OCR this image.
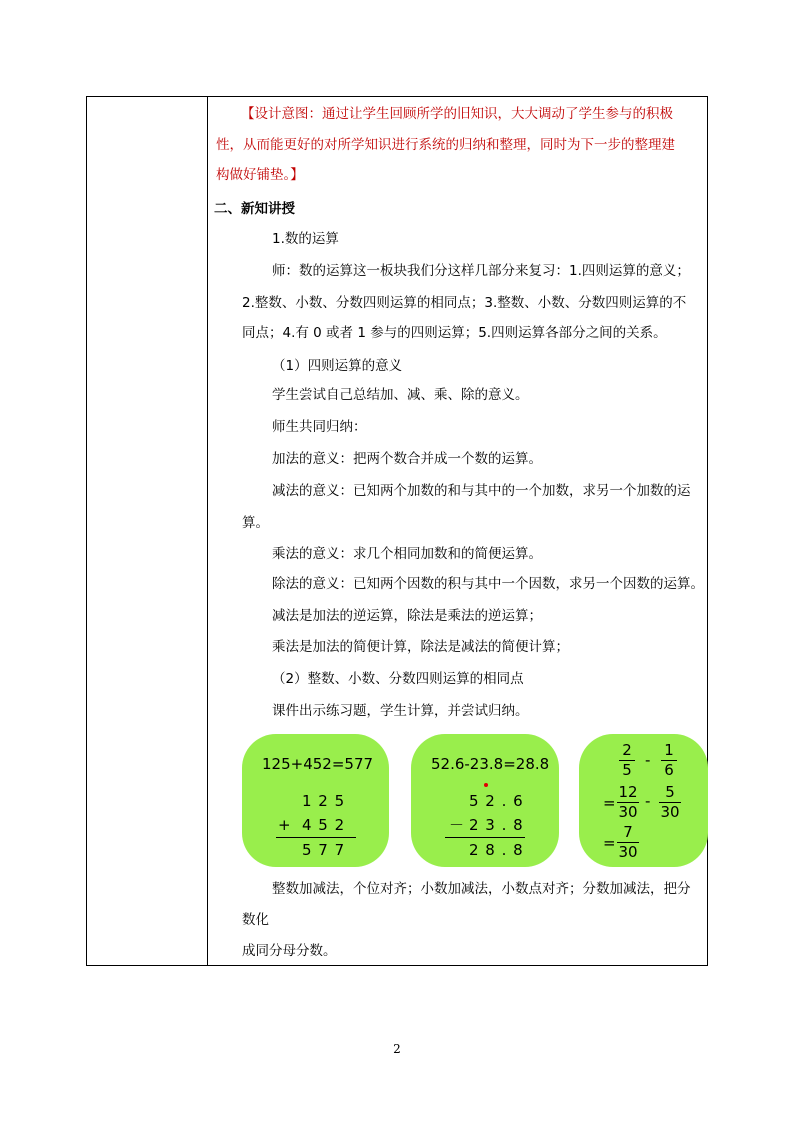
【设计意图：通过让学生回顾所学的旧知识，大大调动了学生参与的积极
性，从而能更好的对所学知识进行系统的归纳和整理，同时为下一步的整理建
构做好铺垫。】
二、新知讲授
1.数的运算
师：数的运算这一板块我们分这样几部分来复习：1.四则运算的意义；
2.整数、小数、分数四则运算的相同点；3.整数、小数、分数四则运算的不
同点；4.有 0 或者 1 参与的四则运算；5.四则运算各部分之间的关系。
（1）四则运算的意义
学生尝试自己总结加、减、乘、除的意义。
师生共同归纳：
加法的意义：把两个数合并成一个数的运算。
减法的意义：已知两个加数的和与其中的一个加数，求另一个加数的运
算。
乘法的意义：求几个相同加数和的简便运算。
除法的意义：已知两个因数的积与其中一个因数，求另一个因数的运算。
减法是加法的逆运算，除法是乘法的逆运算；
乘法是加法的简便计算，除法是减法的简便计算；
（2）整数、小数、分数四则运算的相同点
课件出示练习题，学生计算，并尝试归纳。
125+452=577
1 2 5
+ 4 5 2
5 7 7
52.6-23.8=28.8
5 2 . 6
－ 2 3 . 8
2 8 . 8
2
5
-
1
6
=
12
30
- 5
30
=
7
30
整数加减法，个位对齐；小数加减法，小数点对齐；分数加减法，把分
数化
成同分母分数。
2
